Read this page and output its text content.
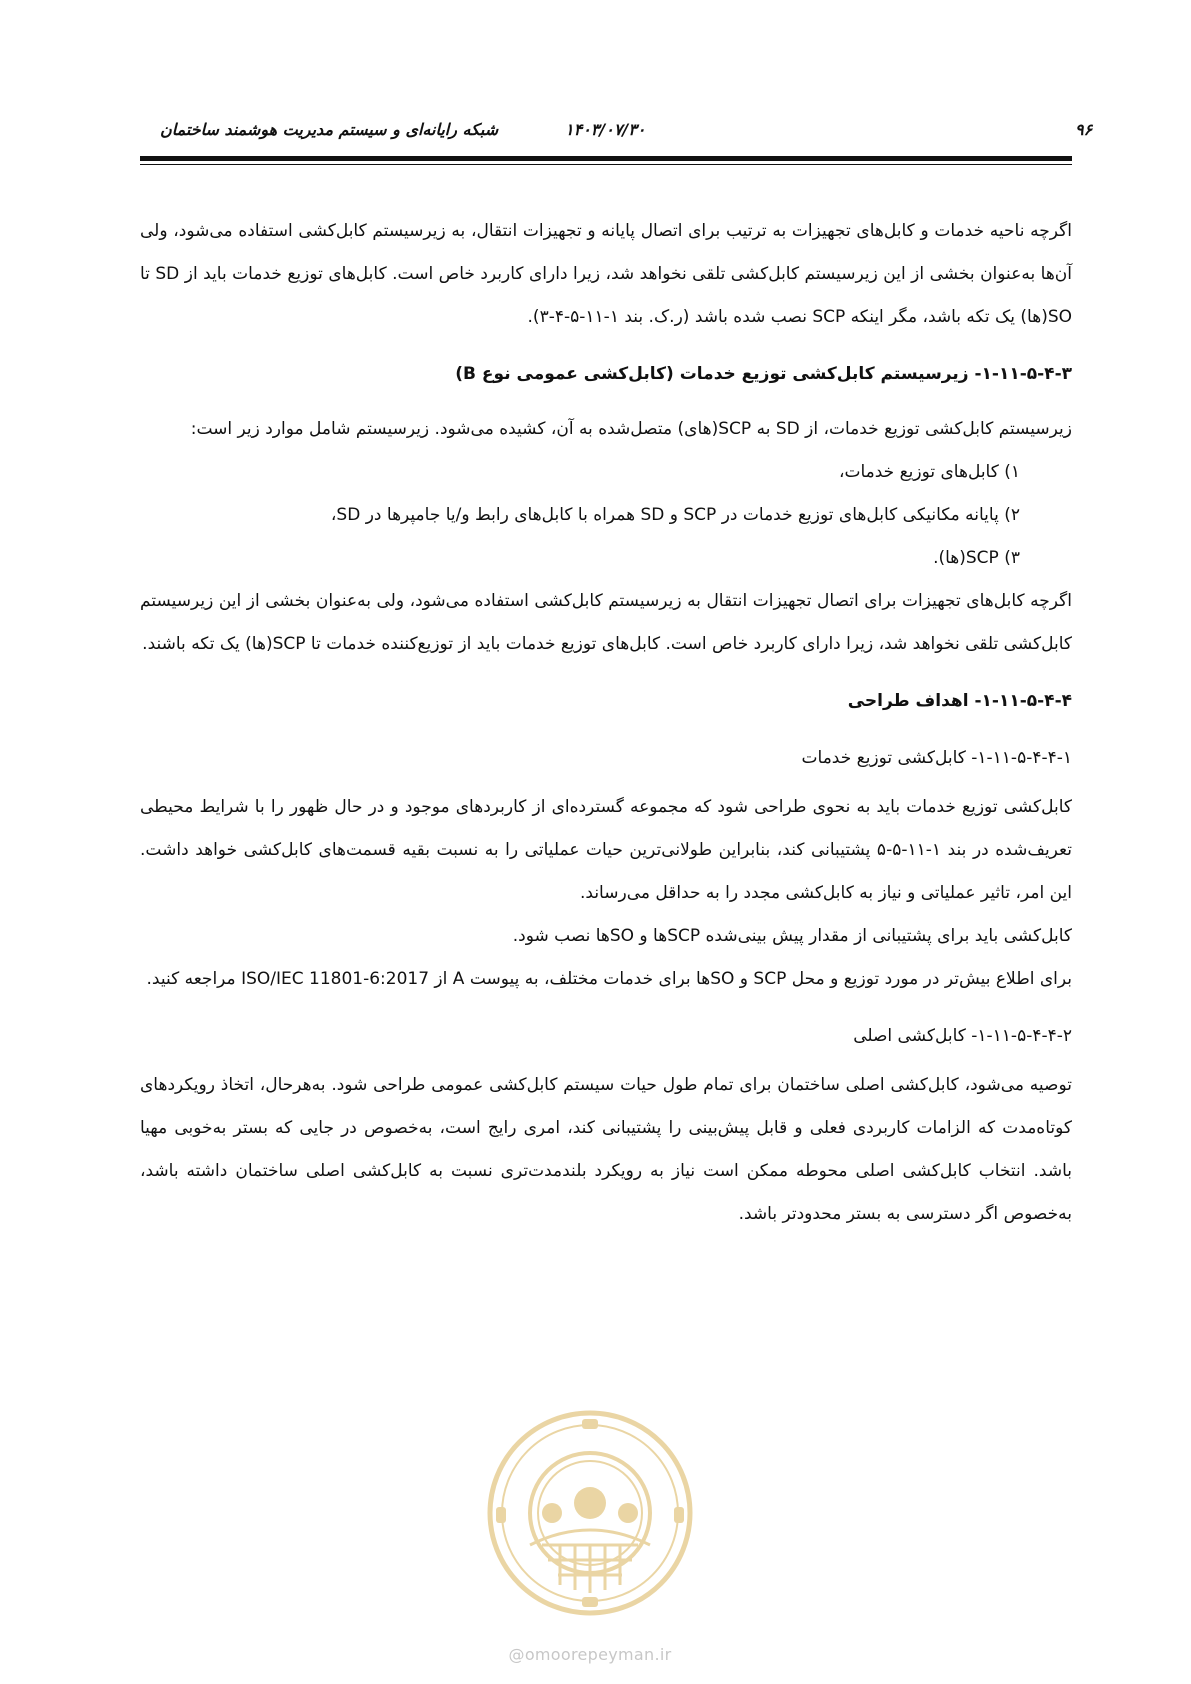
۹۶
۱۴۰۳/۰۷/۳۰
شبکه رایانه‌ای و سیستم مدیریت هوشمند ساختمان

اگرچه ناحیه خدمات و کابل‌های تجهیزات به ترتیب برای اتصال پایانه و تجهیزات انتقال، به زیرسیستم کابل‌کشی استفاده می‌شود، ولی آن‌ها به‌عنوان بخشی از این زیرسیستم کابل‌کشی تلقی نخواهد شد، زیرا دارای کاربرد خاص است. کابل‌های توزیع خدمات باید از SD تا SO(ها) یک تکه باشد، مگر اینکه SCP نصب شده باشد (ر.ک. بند ۱-۱۱-۵-۴-۳).

۱-۱۱-۵-۴-۳- زیرسیستم کابل‌کشی توزیع خدمات (کابل‌کشی عمومی نوع B)

زیرسیستم کابل‌کشی توزیع خدمات، از SD به SCP(های) متصل‌شده به آن، کشیده می‌شود. زیرسیستم شامل موارد زیر است:

۱) کابل‌های توزیع خدمات،
۲) پایانه مکانیکی کابل‌های توزیع خدمات در SCP و SD همراه با کابل‌های رابط و/یا جامپرها در SD،
۳) SCP(ها).

اگرچه کابل‌های تجهیزات برای اتصال تجهیزات انتقال به زیرسیستم کابل‌کشی استفاده می‌شود، ولی به‌عنوان بخشی از این زیرسیستم کابل‌کشی تلقی نخواهد شد، زیرا دارای کاربرد خاص است. کابل‌های توزیع خدمات باید از توزیع‌کننده خدمات تا SCP(ها) یک تکه باشند.

۱-۱۱-۵-۴-۴- اهداف طراحی
۱-۱۱-۵-۴-۴-۱- کابل‌کشی توزیع خدمات

کابل‌کشی توزیع خدمات باید به نحوی طراحی شود که مجموعه گسترده‌ای از کاربردهای موجود و در حال ظهور را با شرایط محیطی تعریف‌شده در بند ۱-۱۱-۵-۵ پشتیبانی کند، بنابراین طولانی‌ترین حیات عملیاتی را به نسبت بقیه قسمت‌های کابل‌کشی خواهد داشت. این امر، تاثیر عملیاتی و نیاز به کابل‌کشی مجدد را به حداقل می‌رساند.

کابل‌کشی باید برای پشتیبانی از مقدار پیش بینی‌شده SCPها و SOها نصب شود.

برای اطلاع بیش‌تر در مورد توزیع و محل SCP و SOها برای خدمات مختلف، به پیوست A از ISO/IEC 11801-6:2017 مراجعه کنید.

۱-۱۱-۵-۴-۴-۲- کابل‌کشی اصلی

توصیه می‌شود، کابل‌کشی اصلی ساختمان برای تمام طول حیات سیستم کابل‌کشی عمومی طراحی شود. به‌هرحال، اتخاذ رویکردهای کوتاه‌مدت که الزامات کاربردی فعلی و قابل پیش‌بینی را پشتیبانی کند، امری رایج است، به‌خصوص در جایی که بستر به‌خوبی مهیا باشد. انتخاب کابل‌کشی اصلی محوطه ممکن است نیاز به رویکرد بلندمدت‌تری نسبت به کابل‌کشی اصلی ساختمان داشته باشد، به‌خصوص اگر دسترسی به بستر محدودتر باشد.

@omoorepeyman.ir
